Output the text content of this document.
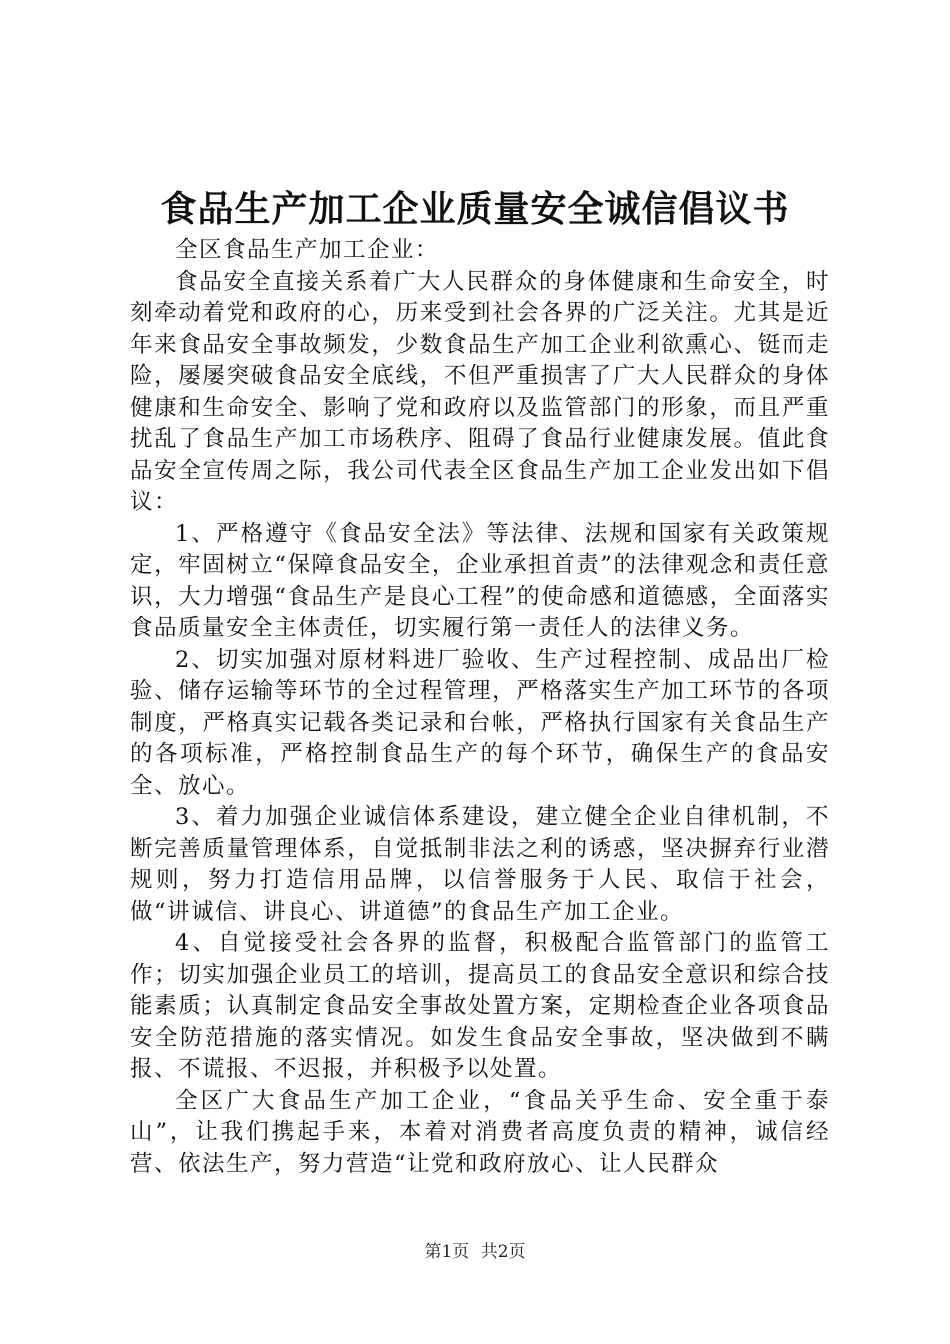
食品生产加工企业质量安全诚信倡议书

全区食品生产加工企业：

食品安全直接关系着广大人民群众的身体健康和生命安全，时刻牵动着党和政府的心，历来受到社会各界的广泛关注。尤其是近年来食品安全事故频发，少数食品生产加工企业利欲熏心、铤而走险，屡屡突破食品安全底线，不但严重损害了广大人民群众的身体健康和生命安全、影响了党和政府以及监管部门的形象，而且严重扰乱了食品生产加工市场秩序、阻碍了食品行业健康发展。值此食品安全宣传周之际，我公司代表全区食品生产加工企业发出如下倡议：

1、严格遵守《食品安全法》等法律、法规和国家有关政策规定，牢固树立“保障食品安全，企业承担首责”的法律观念和责任意识，大力增强“食品生产是良心工程”的使命感和道德感，全面落实食品质量安全主体责任，切实履行第一责任人的法律义务。

2、切实加强对原材料进厂验收、生产过程控制、成品出厂检验、储存运输等环节的全过程管理，严格落实生产加工环节的各项制度，严格真实记载各类记录和台帐，严格执行国家有关食品生产的各项标准，严格控制食品生产的每个环节，确保生产的食品安全、放心。

3、着力加强企业诚信体系建设，建立健全企业自律机制，不断完善质量管理体系，自觉抵制非法之利的诱惑，坚决摒弃行业潜规则，努力打造信用品牌，以信誉服务于人民、取信于社会，做“讲诚信、讲良心、讲道德”的食品生产加工企业。

4、自觉接受社会各界的监督，积极配合监管部门的监管工作；切实加强企业员工的培训，提高员工的食品安全意识和综合技能素质；认真制定食品安全事故处置方案，定期检查企业各项食品安全防范措施的落实情况。如发生食品安全事故，坚决做到不瞒报、不谎报、不迟报，并积极予以处置。

全区广大食品生产加工企业，“食品关乎生命、安全重于泰山”，让我们携起手来，本着对消费者高度负责的精神，诚信经营、依法生产，努力营造“让党和政府放心、让人民群众

第1页 共2页
